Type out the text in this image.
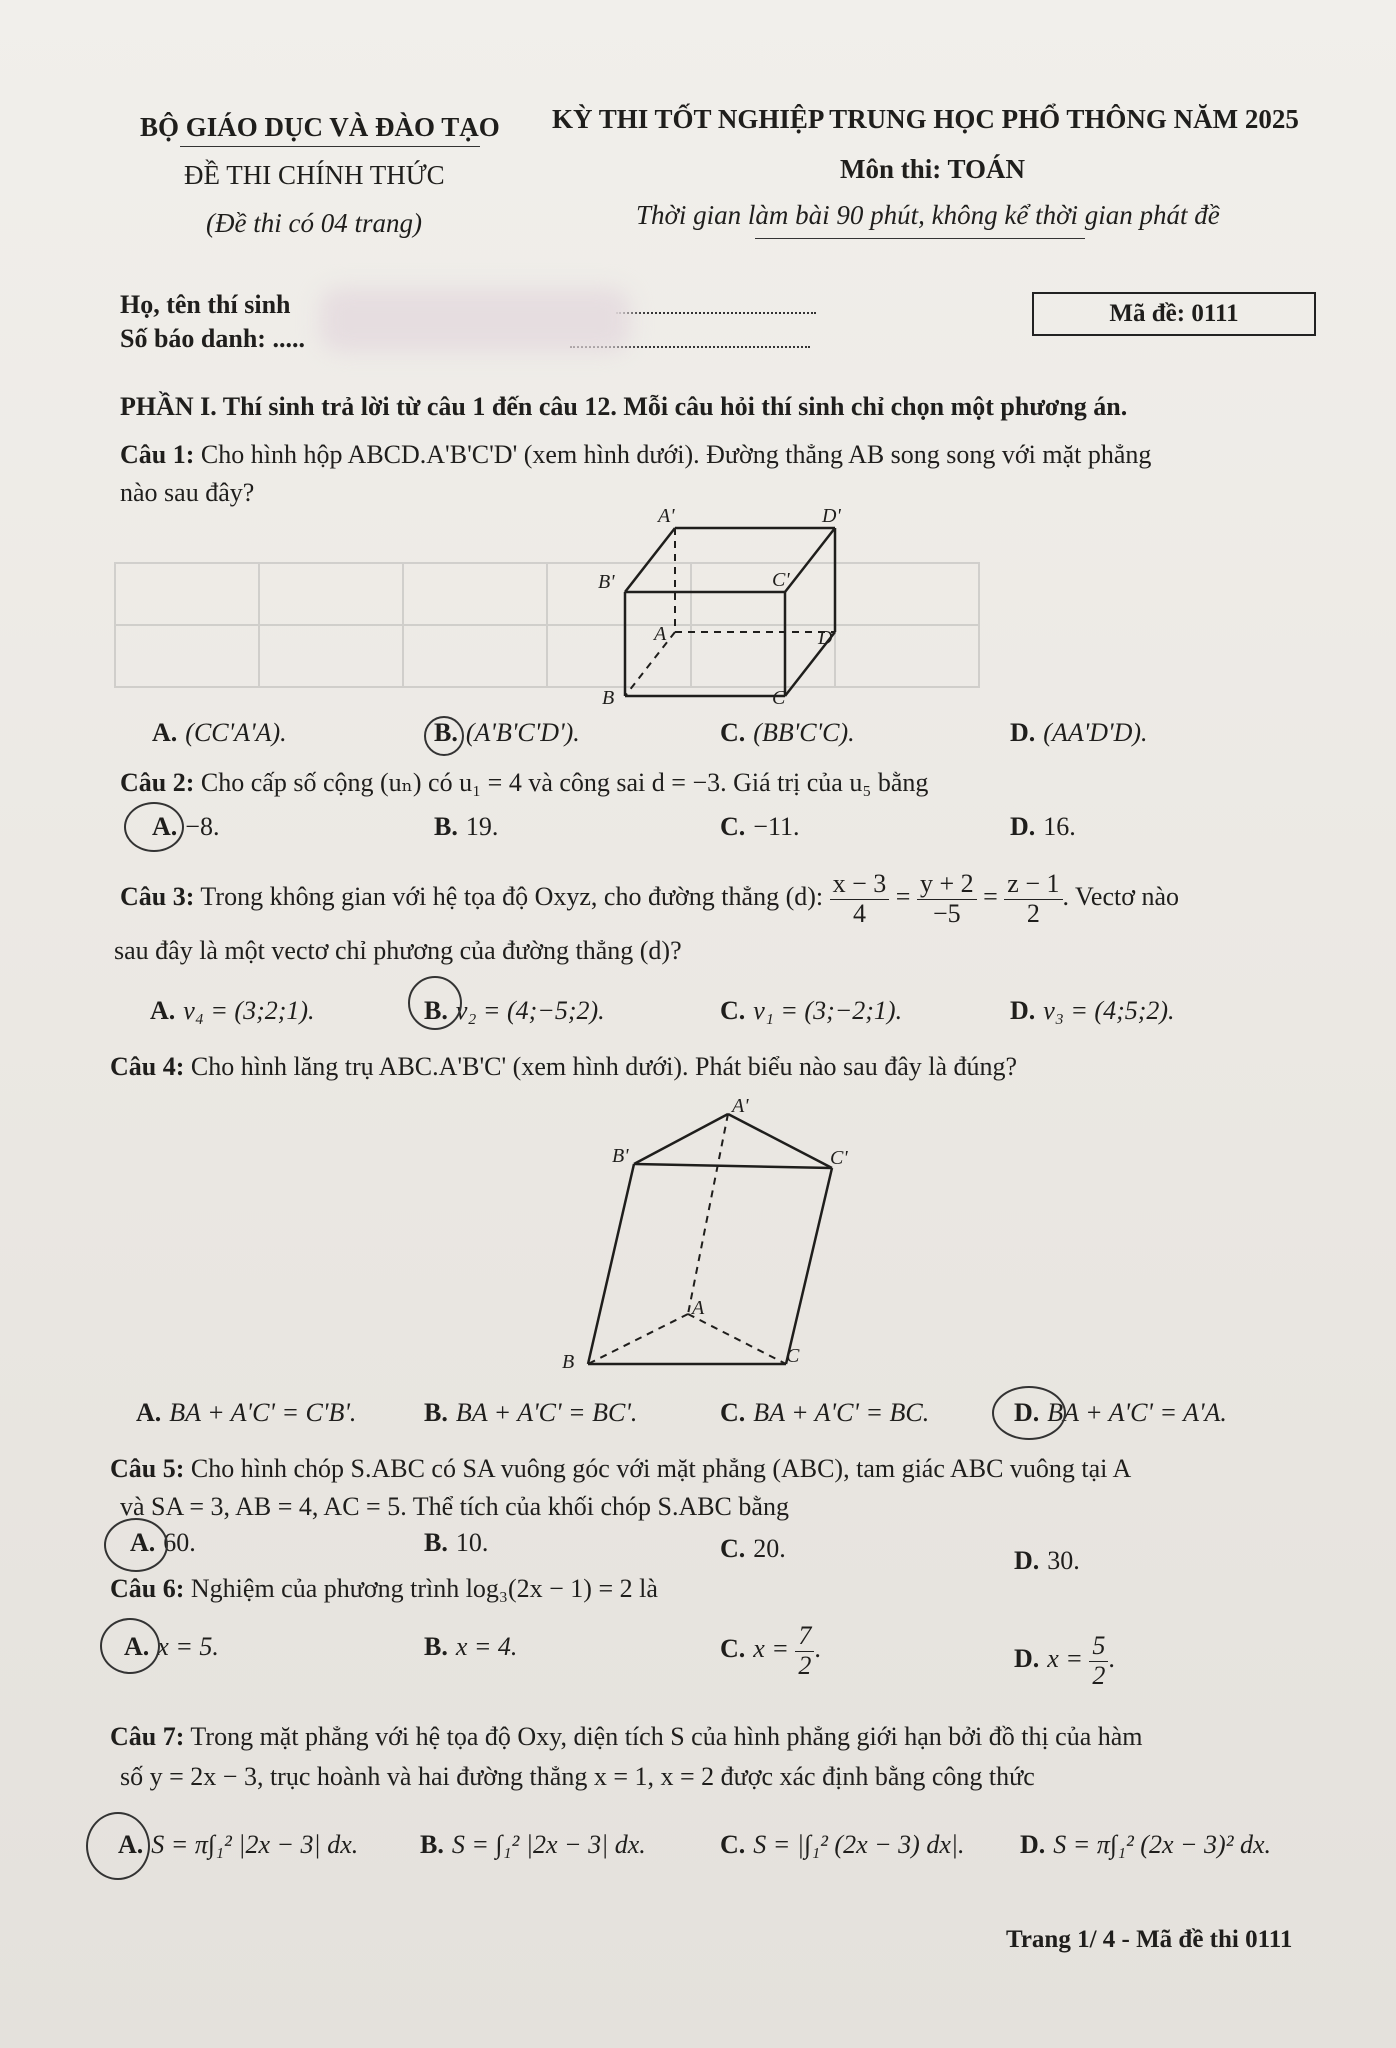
BỘ GIÁO DỤC VÀ ĐÀO TẠO KỲ THI TỐT NGHIỆP TRUNG HỌC PHỔ THÔNG NĂM 2025
ĐỀ THI CHÍNH THỨC	Môn thi: TOÁN
(Đề thi có 04 trang)	Thời gian làm bài 90 phút, không kể thời gian phát đề
Họ, tên thí sinh
Số báo danh: .....
Mã đề: 0111
PHẦN I. Thí sinh trả lời từ câu 1 đến câu 12. Mỗi câu hỏi thí sinh chỉ chọn một phương án.
Câu 1: Cho hình hộp ABCD.A'B'C'D' (xem hình dưới). Đường thẳng AB song song với mặt phẳng
nào sau đây?

A'	D'
B'	C'
A	D
B	C
A. (CC'A'A).	B. (A'B'C'D').	C. (BB'C'C).	D. (AA'D'D).
Câu 2: Cho cấp số cộng (uₙ) có u₁ = 4 và công sai d = −3. Giá trị của u₅ bằng
A. −8.	B. 19.	C. −11.	D. 16.
Câu 3: Trong không gian với hệ tọa độ Oxyz, cho đường thẳng (d): $\frac{x - 3}{4} = \frac{y + 2}{-5} = \frac{z - 1}{2}$ . Vectơ nào
sau đây là một vectơ chỉ phương của đường thẳng (d)?
A. v₄ = (3;2;1).	B. v₂ = (4;−5;2).	C. v₁ = (3;−2;1).	D. v₃ = (4;5;2).
Câu 4: Cho hình lăng trụ ABC.A'B'C' (xem hình dưới). Phát biểu nào sau đây là đúng?
A'
B'	C'
A
B	C
A. BA + A'C' = C'B'.	B. BA + A'C' = BC'.	C. BA + A'C' = BC.	D. BA + A'C' = A'A.
Câu 5: Cho hình chóp S.ABC có SA vuông góc với mặt phẳng (ABC), tam giác ABC vuông tại A
và SA = 3, AB = 4, AC = 5. Thể tích của khối chóp S.ABC bằng
A. 60.	B. 10.	C. 20.	D. 30.
Câu 6: Nghiệm của phương trình log₃(2x − 1) = 2 là
A. x = 5.	B. x = 4.	C. $x = \frac{7}{2}$ .	D. $x = \frac{5}{2}$ .
Câu 7: Trong mặt phẳng với hệ tọa độ Oxy, diện tích S của hình phẳng giới hạn bởi đồ thị của hàm
số y = 2x − 3, trục hoành và hai đường thẳng x = 1, x = 2 được xác định bằng công thức
A. S = π∫₁² |2x − 3| dx. B. S = ∫₁² |2x − 3| dx.	C. S = |∫₁² (2x − 3) dx|. D. S = π∫₁² (2x − 3)² dx.
Trang 1/ 4 - Mã đề thi 0111
